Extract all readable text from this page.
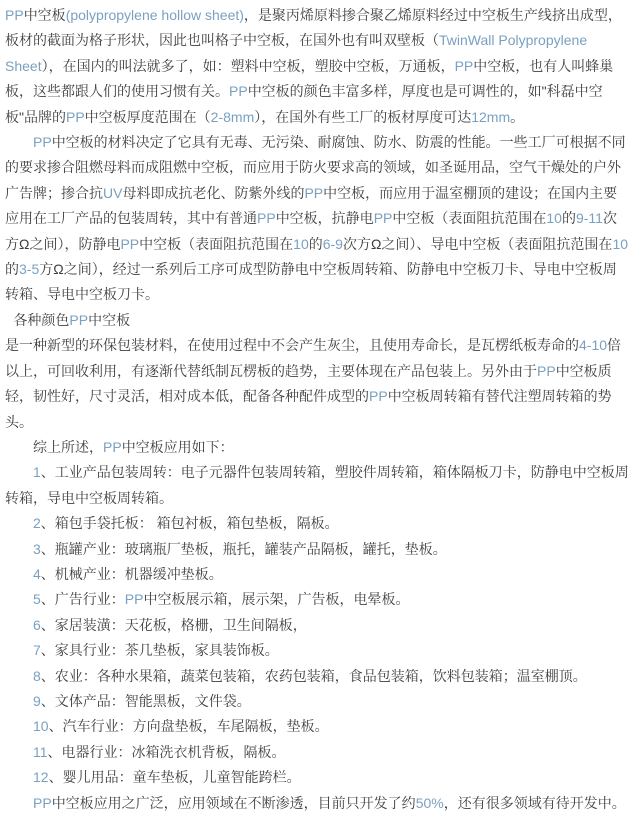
PP中空板(polypropylene hollow sheet)，是聚丙烯原料掺合聚乙烯原料经过中空板生产线挤出成型，板材的截面为格子形状，因此也叫格子中空板，在国外也有叫双壁板（TwinWall Polypropylene Sheet），在国内的叫法就多了，如：塑料中空板，塑胶中空板，万通板，PP中空板，也有人叫蜂巢板，这些都跟人们的使用习惯有关。PP中空板的颜色丰富多样，厚度也是可调性的，如"科磊中空板"品牌的PP中空板厚度范围在（2-8mm），在国外有些工厂的板材厚度可达12mm。
PP中空板的材料决定了它具有无毒、无污染、耐腐蚀、防水、防震的性能。一些工厂可根据不同的要求掺合阻燃母料而成阻燃中空板，而应用于防火要求高的领域，如圣诞用品，空气干燥处的户外广告牌；掺合抗UV母料即成抗老化、防紫外线的PP中空板，而应用于温室棚顶的建设；在国内主要应用在工厂产品的包装周转，其中有普通PP中空板，抗静电PP中空板（表面阻抗范围在10的9-11次方Ω之间），防静电PP中空板（表面阻抗范围在10的6-9次方Ω之间）、导电中空板（表面阻抗范围在10的3-5方Ω之间），经过一系列后工序可成型防静电中空板周转箱、防静电中空板刀卡、导电中空板周转箱、导电中空板刀卡。
各种颜色PP中空板
是一种新型的环保包装材料，在使用过程中不会产生灰尘，且使用寿命长，是瓦楞纸板寿命的4-10倍以上，可回收利用，有逐渐代替纸制瓦楞板的趋势，主要体现在产品包装上。另外由于PP中空板质轻，韧性好，尺寸灵活，相对成本低，配备各种配件成型的PP中空板周转箱有替代注塑周转箱的势头。
综上所述，PP中空板应用如下：
1、工业产品包装周转：电子元器件包装周转箱，塑胶件周转箱，箱体隔板刀卡，防静电中空板周转箱，导电中空板周转箱。
2、箱包手袋托板： 箱包衬板，箱包垫板，隔板。
3、瓶罐产业：玻璃瓶厂垫板，瓶托，罐装产品隔板，罐托，垫板。
4、机械产业：机器缓冲垫板。
5、广告行业：PP中空板展示箱，展示架，广告板，电晕板。
6、家居装潢：天花板，格栅，卫生间隔板，
7、家具行业：茶几垫板，家具装饰板。
8、农业：各种水果箱，蔬菜包装箱，农药包装箱，食品包装箱，饮料包装箱；温室棚顶。
9、文体产品：智能黑板，文件袋。
10、汽车行业：方向盘垫板，车尾隔板，垫板。
11、电器行业：冰箱洗衣机背板，隔板。
12、婴儿用品：童车垫板，儿童智能跨栏。
PP中空板应用之广泛，应用领域在不断渗透，目前只开发了约50%，还有很多领域有待开发中。
